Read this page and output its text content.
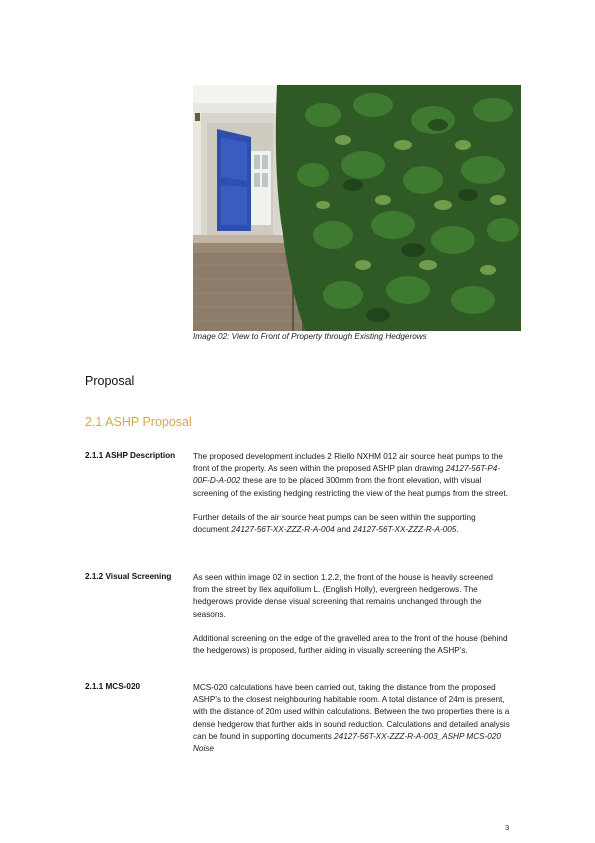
Image 02: View to Front of Property through Existing Hedgerows
Proposal
2.1 ASHP Proposal
2.1.1 ASHP Description	The proposed development includes 2 Riello NXHM 012 air source heat pumps to the front of the property. As seen within the proposed ASHP plan drawing 24127-56T-P4-00F-D-A-002 these are to be placed 300mm from the front elevation, with visual screening of the existing hedging restricting the view of the heat pumps from the street.

Further details of the air source heat pumps can be seen within the supporting document 24127-56T-XX-ZZZ-R-A-004 and 24127-56T-XX-ZZZ-R-A-005.

2.1.2 Visual Screening	As seen within image 02 in section 1.2.2, the front of the house is heavily screened from the street by Ilex aquifolium L. (English Holly), evergreen hedgerows. The hedgerows provide dense visual screening that remains unchanged through the seasons.

Additional screening on the edge of the gravelled area to the front of the house (behind the hedgerows) is proposed, further aiding in visually screening the ASHP’s.

2.1.1 MCS-020	MCS-020 calculations have been carried out, taking the distance from the proposed ASHP’s to the closest neighbouring habitable room. A total distance of 24m is present, with the distance of 20m used within calculations. Between the two properties there is a dense hedgerow that further aids in sound reduction. Calculations and detailed analysis can be found in supporting documents 24127-56T-XX-ZZZ-R-A-003_ASHP MCS-020 Noise

3
